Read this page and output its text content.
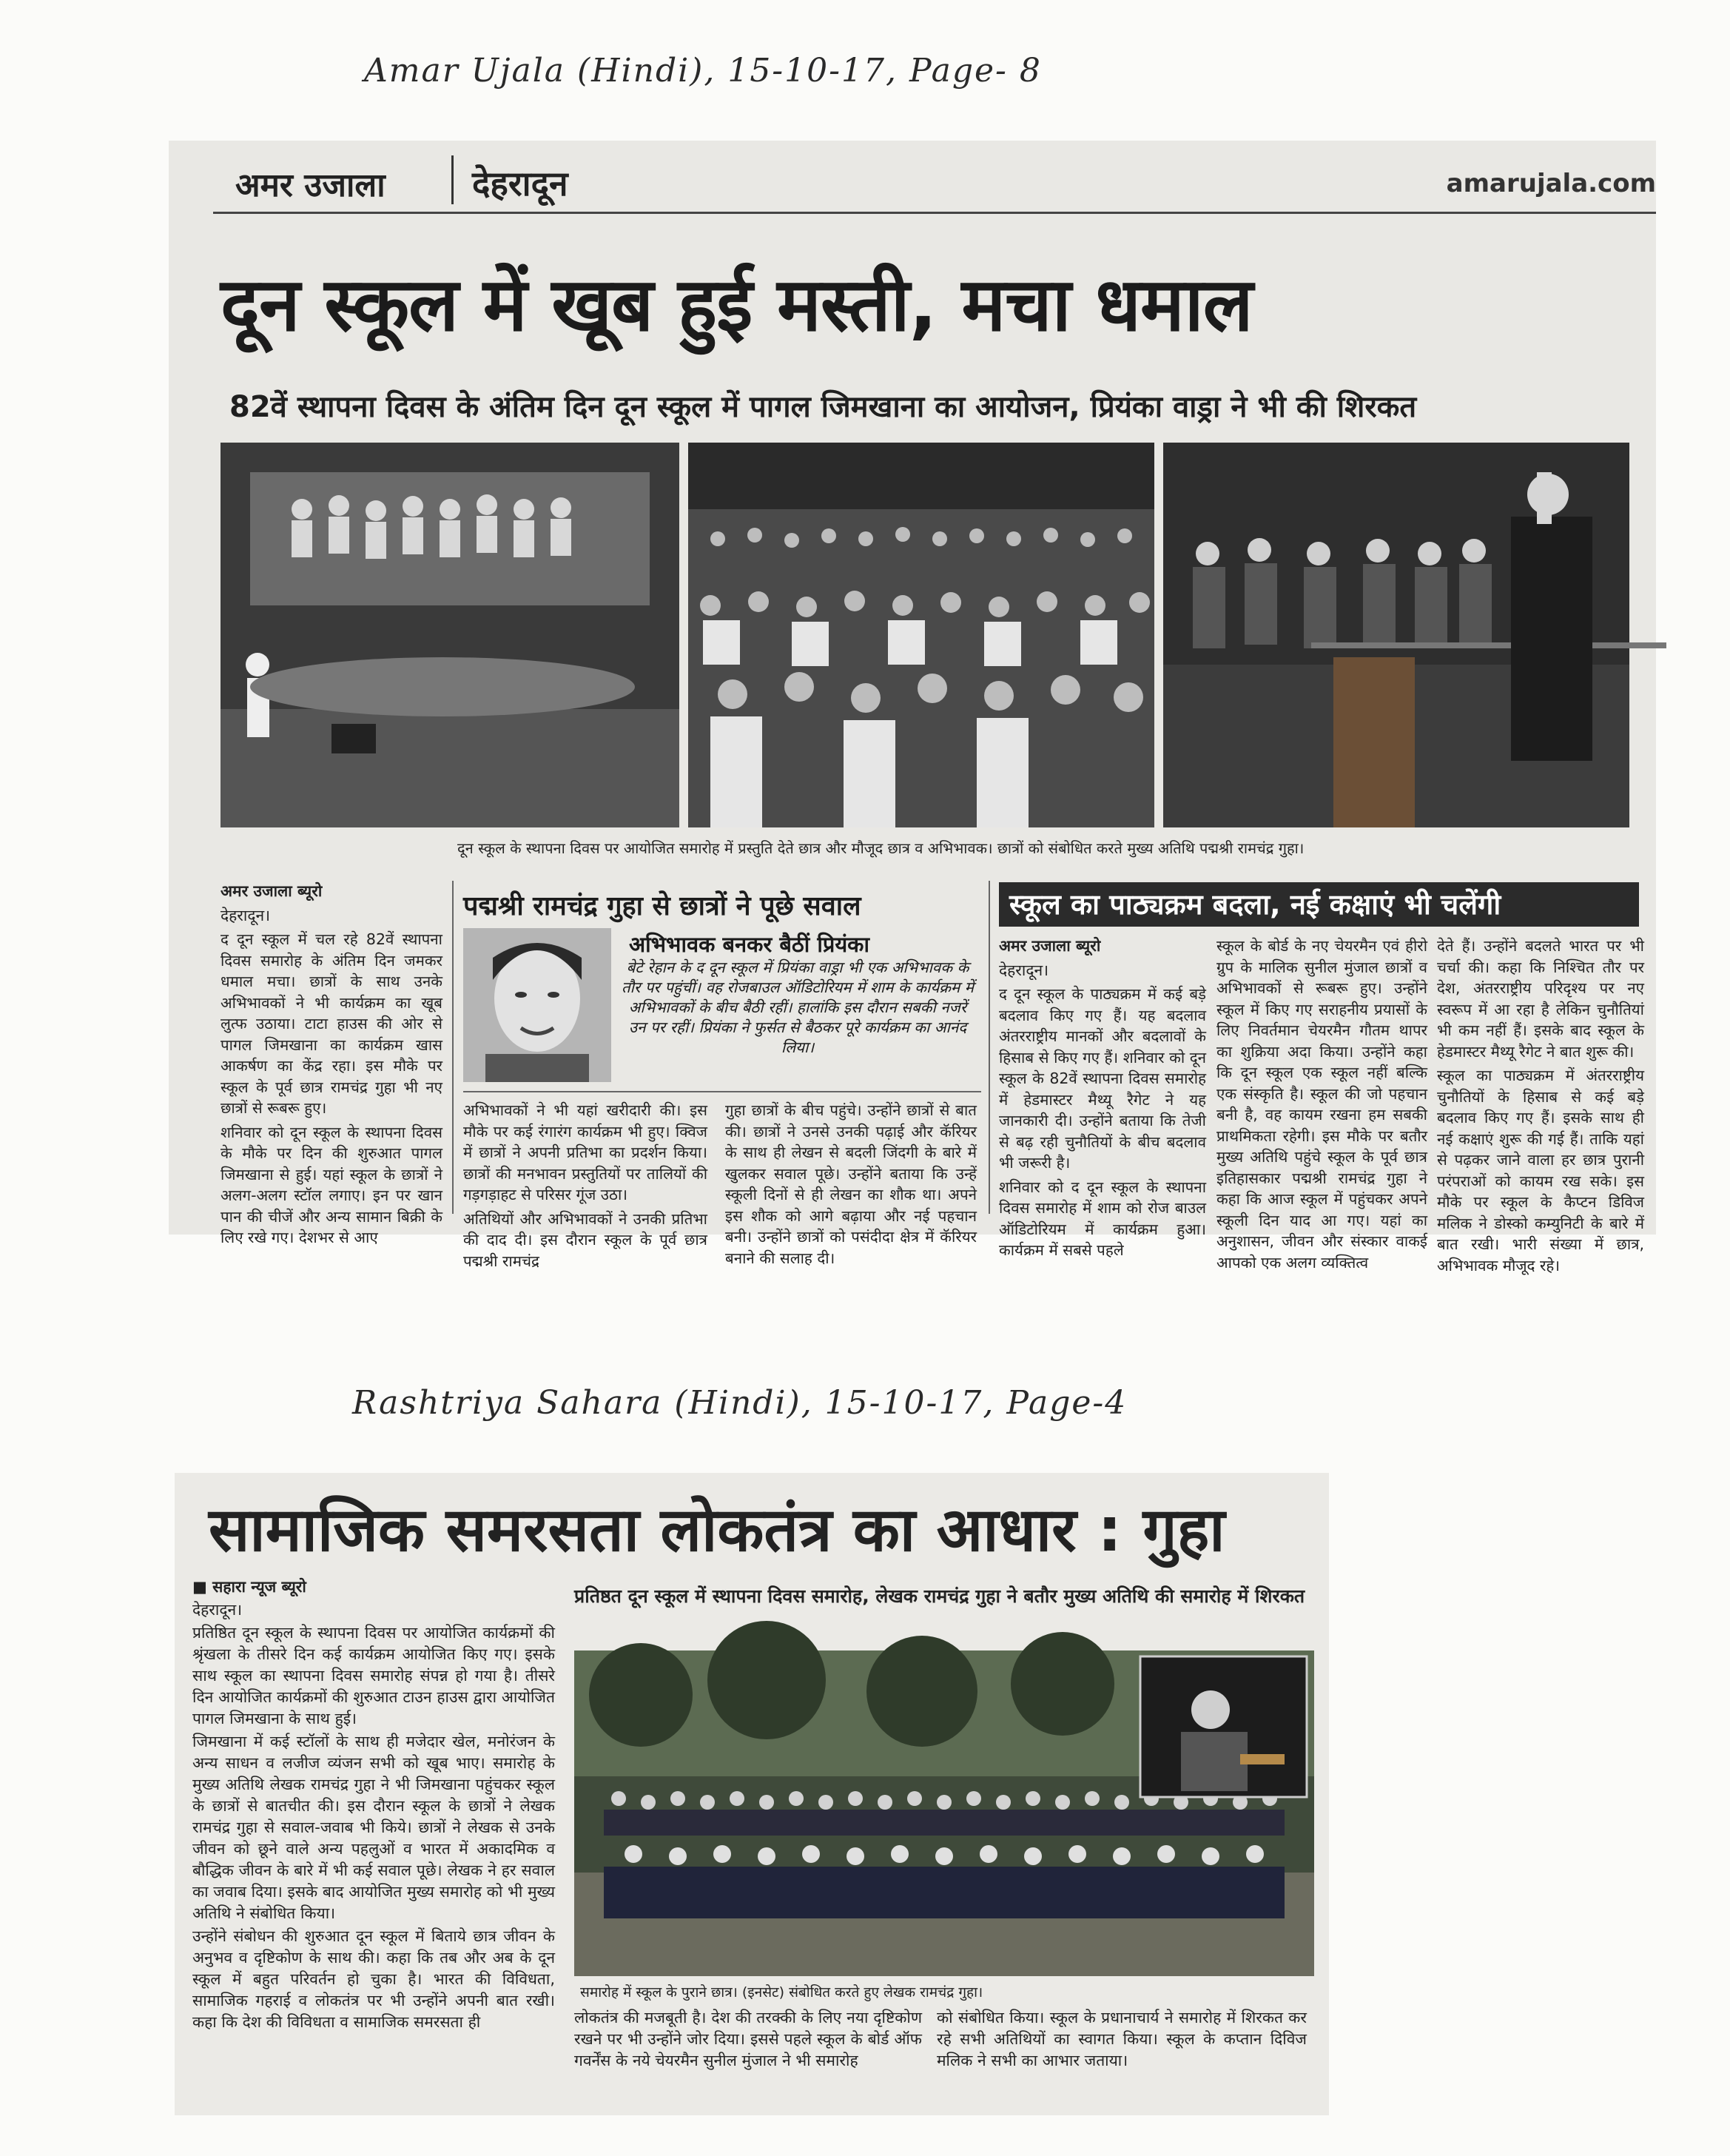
Amar Ujala (Hindi), 15-10-17, Page- 8
Rashtriya Sahara (Hindi), 15-10-17, Page-4
अमर उजाला	देहरादून	amarujala.com
दून स्कूल में खूब हुई मस्ती, मचा धमाल
82वें स्थापना दिवस के अंतिम दिन दून स्कूल में पागल जिमखाना का आयोजन, प्रियंका वाड्रा ने भी की शिरकत
दून स्कूल के स्थापना दिवस पर आयोजित समारोह में प्रस्तुति देते छात्र और मौजूद छात्र व अभिभावक। छात्रों को संबोधित करते मुख्य अतिथि पद्मश्री रामचंद्र गुहा।

अमर उजाला ब्यूरो

देहरादून।

द दून स्कूल में चल रहे 82वें स्थापना दिवस समारोह के अंतिम दिन जमकर धमाल मचा। छात्रों के साथ उनके अभिभावकों ने भी कार्यक्रम का खूब लुत्फ उठाया। टाटा हाउस की ओर से पागल जिमखाना का कार्यक्रम खास आकर्षण का केंद्र रहा। इस मौके पर स्कूल के पूर्व छात्र रामचंद्र गुहा भी नए छात्रों से रूबरू हुए।

शनिवार को दून स्कूल के स्थापना दिवस के मौके पर दिन की शुरुआत पागल जिमखाना से हुई। यहां स्कूल के छात्रों ने अलग-अलग स्टॉल लगाए। इन पर खान पान की चीजें और अन्य सामान बिक्री के लिए रखे गए। देशभर से आए

पद्मश्री रामचंद्र गुहा से छात्रों ने पूछे सवाल
अभिभावक बनकर बैठीं प्रियंका
बेटे रेहान के द दून स्कूल में प्रियंका वाड्रा भी एक अभिभावक के तौर पर पहुंचीं। वह रोजबाउल ऑडिटोरियम में शाम के कार्यक्रम में अभिभावकों के बीच बैठी रहीं। हालांकि इस दौरान सबकी नजरें उन पर रहीं। प्रियंका ने फुर्सत से बैठकर पूरे कार्यक्रम का आनंद लिया।

अभिभावकों ने भी यहां खरीदारी की। इस मौके पर कई रंगारंग कार्यक्रम भी हुए। क्विज में छात्रों ने अपनी प्रतिभा का प्रदर्शन किया। छात्रों की मनभावन प्रस्तुतियों पर तालियों की गड़गड़ाहट से परिसर गूंज उठा।

अतिथियों और अभिभावकों ने उनकी प्रतिभा की दाद दी। इस दौरान स्कूल के पूर्व छात्र पद्मश्री रामचंद्र

गुहा छात्रों के बीच पहुंचे। उन्होंने छात्रों से बात की। छात्रों ने उनसे उनकी पढ़ाई और कॅरियर के साथ ही लेखन से बदली जिंदगी के बारे में खुलकर सवाल पूछे। उन्होंने बताया कि उन्हें स्कूली दिनों से ही लेखन का शौक था। अपने इस शौक को आगे बढ़ाया और नई पहचान बनी। उन्होंने छात्रों को पसंदीदा क्षेत्र में कॅरियर बनाने की सलाह दी।

स्कूल का पाठ्यक्रम बदला, नई कक्षाएं भी चलेंगी

अमर उजाला ब्यूरो

देहरादून।

द दून स्कूल के पाठ्यक्रम में कई बड़े बदलाव किए गए हैं। यह बदलाव अंतरराष्ट्रीय मानकों और बदलावों के हिसाब से किए गए हैं। शनिवार को दून स्कूल के 82वें स्थापना दिवस समारोह में हेडमास्टर मैथ्यू रैगेट ने यह जानकारी दी। उन्होंने बताया कि तेजी से बढ़ रही चुनौतियों के बीच बदलाव भी जरूरी है।

शनिवार को द दून स्कूल के स्थापना दिवस समारोह में शाम को रोज बाउल ऑडिटोरियम में कार्यक्रम हुआ। कार्यक्रम में सबसे पहले

स्कूल के बोर्ड के नए चेयरमैन एवं हीरो ग्रुप के मालिक सुनील मुंजाल छात्रों व अभिभावकों से रूबरू हुए। उन्होंने स्कूल में किए गए सराहनीय प्रयासों के लिए निवर्तमान चेयरमैन गौतम थापर का शुक्रिया अदा किया। उन्होंने कहा कि दून स्कूल एक स्कूल नहीं बल्कि एक संस्कृति है। स्कूल की जो पहचान बनी है, वह कायम रखना हम सबकी प्राथमिकता रहेगी। इस मौके पर बतौर मुख्य अतिथि पहुंचे स्कूल के पूर्व छात्र इतिहासकार पद्मश्री रामचंद्र गुहा ने कहा कि आज स्कूल में पहुंचकर अपने स्कूली दिन याद आ गए। यहां का अनुशासन, जीवन और संस्कार वाकई आपको एक अलग व्यक्तित्व

देते हैं। उन्होंने बदलते भारत पर भी चर्चा की। कहा कि निश्चित तौर पर देश, अंतरराष्ट्रीय परिदृश्य पर नए स्वरूप में आ रहा है लेकिन चुनौतियां भी कम नहीं हैं। इसके बाद स्कूल के हेडमास्टर मैथ्यू रैगेट ने बात शुरू की।

स्कूल का पाठ्यक्रम में अंतरराष्ट्रीय चुनौतियों के हिसाब से कई बड़े बदलाव किए गए हैं। इसके साथ ही नई कक्षाएं शुरू की गई हैं। ताकि यहां से पढ़कर जाने वाला हर छात्र पुरानी परंपराओं को कायम रख सके। इस मौके पर स्कूल के कैप्टन डिविज मलिक ने डोस्को कम्युनिटी के बारे में बात रखी। भारी संख्या में छात्र, अभिभावक मौजूद रहे।

सामाजिक समरसता लोकतंत्र का आधार : गुहा

■ सहारा न्यूज ब्यूरो

देहरादून।

प्रतिष्ठित दून स्कूल के स्थापना दिवस पर आयोजित कार्यक्रमों की श्रृंखला के तीसरे दिन कई कार्यक्रम आयोजित किए गए। इसके साथ स्कूल का स्थापना दिवस समारोह संपन्न हो गया है। तीसरे दिन आयोजित कार्यक्रमों की शुरुआत टाउन हाउस द्वारा आयोजित पागल जिमखाना के साथ हुई।

जिमखाना में कई स्टॉलों के साथ ही मजेदार खेल, मनोरंजन के अन्य साधन व लजीज व्यंजन सभी को खूब भाए। समारोह के मुख्य अतिथि लेखक रामचंद्र गुहा ने भी जिमखाना पहुंचकर स्कूल के छात्रों से बातचीत की। इस दौरान स्कूल के छात्रों ने लेखक रामचंद्र गुहा से सवाल-जवाब भी किये। छात्रों ने लेखक से उनके जीवन को छूने वाले अन्य पहलुओं व भारत में अकादमिक व बौद्धिक जीवन के बारे में भी कई सवाल पूछे। लेखक ने हर सवाल का जवाब दिया। इसके बाद आयोजित मुख्य समारोह को भी मुख्य अतिथि ने संबोधित किया।

उन्होंने संबोधन की शुरुआत दून स्कूल में बिताये छात्र जीवन के अनुभव व दृष्टिकोण के साथ की। कहा कि तब और अब के दून स्कूल में बहुत परिवर्तन हो चुका है। भारत की विविधता, सामाजिक गहराई व लोकतंत्र पर भी उन्होंने अपनी बात रखी। कहा कि देश की विविधता व सामाजिक समरसता ही

प्रतिष्ठत दून स्कूल में स्थापना दिवस समारोह, लेखक रामचंद्र गुहा ने बतौर मुख्य अतिथि की समारोह में शिरकत
समारोह में स्कूल के पुराने छात्र। (इनसेट) संबोधित करते हुए लेखक रामचंद्र गुहा।

लोकतंत्र की मजबूती है। देश की तरक्की के लिए नया दृष्टिकोण रखने पर भी उन्होंने जोर दिया। इससे पहले स्कूल के बोर्ड ऑफ गवर्नेंस के नये चेयरमैन सुनील मुंजाल ने भी समारोह

को संबोधित किया। स्कूल के प्रधानाचार्य ने समारोह में शिरकत कर रहे सभी अतिथियों का स्वागत किया। स्कूल के कप्तान दिविज मलिक ने सभी का आभार जताया।
